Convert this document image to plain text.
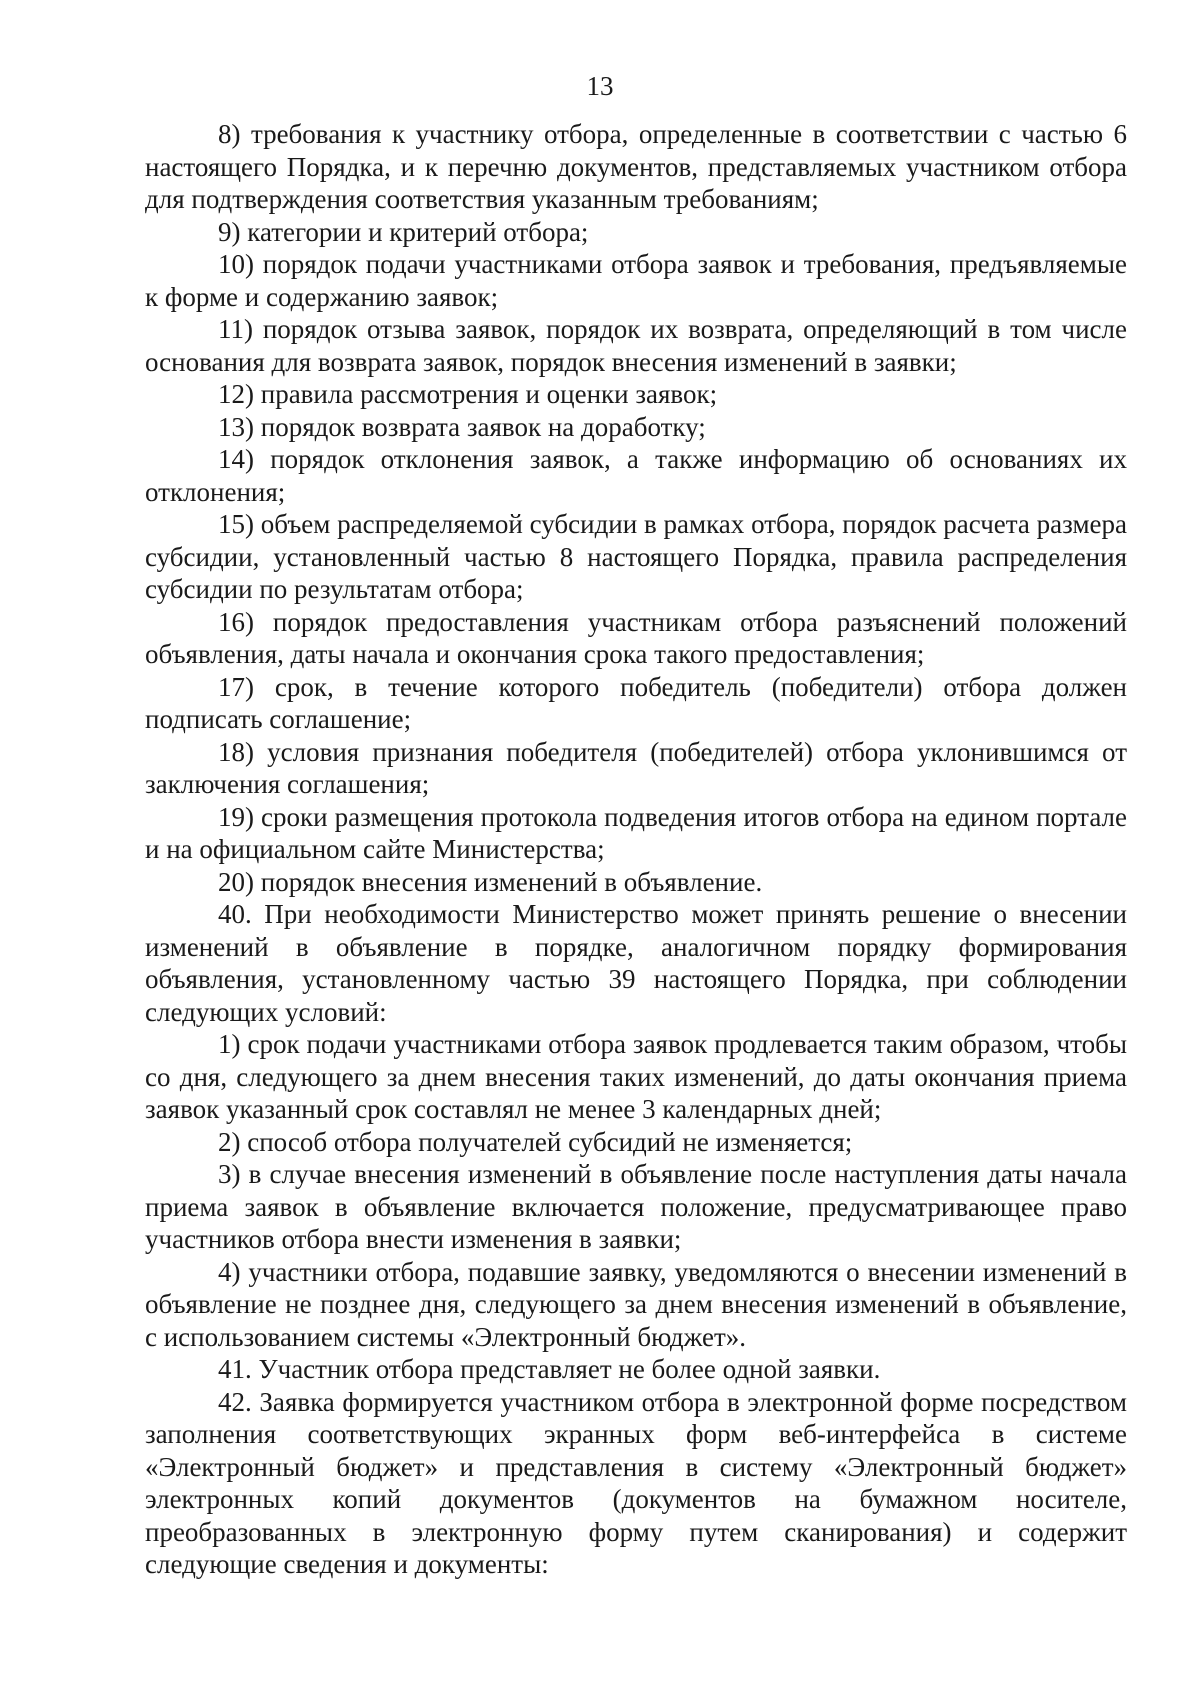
13

8) требования к участнику отбора, определенные в соответствии с частью 6 настоящего Порядка, и к перечню документов, представляемых участником отбора для подтверждения соответствия указанным требованиям;

9) категории и критерий отбора;

10) порядок подачи участниками отбора заявок и требования, предъявляемые к форме и содержанию заявок;

11) порядок отзыва заявок, порядок их возврата, определяющий в том числе основания для возврата заявок, порядок внесения изменений в заявки;

12) правила рассмотрения и оценки заявок;

13) порядок возврата заявок на доработку;

14) порядок отклонения заявок, а также информацию об основаниях их отклонения;

15) объем распределяемой субсидии в рамках отбора, порядок расчета размера субсидии, установленный частью 8 настоящего Порядка, правила распределения субсидии по результатам отбора;

16) порядок предоставления участникам отбора разъяснений положений объявления, даты начала и окончания срока такого предоставления;

17) срок, в течение которого победитель (победители) отбора должен подписать соглашение;

18) условия признания победителя (победителей) отбора уклонившимся от заключения соглашения;

19) сроки размещения протокола подведения итогов отбора на едином портале и на официальном сайте Министерства;

20) порядок внесения изменений в объявление.

40. При необходимости Министерство может принять решение о внесении изменений в объявление в порядке, аналогичном порядку формирования объявления, установленному частью 39 настоящего Порядка, при соблюдении следующих условий:

1) срок подачи участниками отбора заявок продлевается таким образом, чтобы со дня, следующего за днем внесения таких изменений, до даты окончания приема заявок указанный срок составлял не менее 3 календарных дней;

2) способ отбора получателей субсидий не изменяется;

3) в случае внесения изменений в объявление после наступления даты начала приема заявок в объявление включается положение, предусматривающее право участников отбора внести изменения в заявки;

4) участники отбора, подавшие заявку, уведомляются о внесении изменений в объявление не позднее дня, следующего за днем внесения изменений в объявление, с использованием системы «Электронный бюджет».

41. Участник отбора представляет не более одной заявки.

42. Заявка формируется участником отбора в электронной форме посредством заполнения соответствующих экранных форм веб-интерфейса в системе «Электронный бюджет» и представления в систему «Электронный бюджет» электронных копий документов (документов на бумажном носителе, преобразованных в электронную форму путем сканирования) и содержит следующие сведения и документы:
